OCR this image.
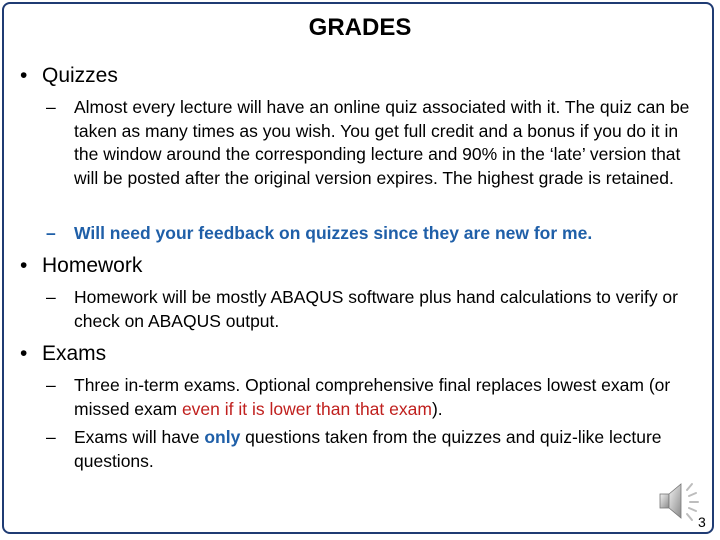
GRADES
• Quizzes
–	Almost every lecture will have an online quiz associated with it. The quiz can be taken as many times as you wish. You get full credit and a bonus if you do it in the window around the corresponding lecture and 90% in the ‘late’ version that will be posted after the original version expires. The highest grade is retained.
–	Will need your feedback on quizzes since they are new for me.
• Homework
–	Homework will be mostly ABAQUS software plus hand calculations to verify or check on ABAQUS output.
• Exams
–	Three in-term exams. Optional comprehensive final replaces lowest exam (or missed exam even if it is lower than that exam).
–	Exams will have only questions taken from the quizzes and quiz-like lecture questions.
3
